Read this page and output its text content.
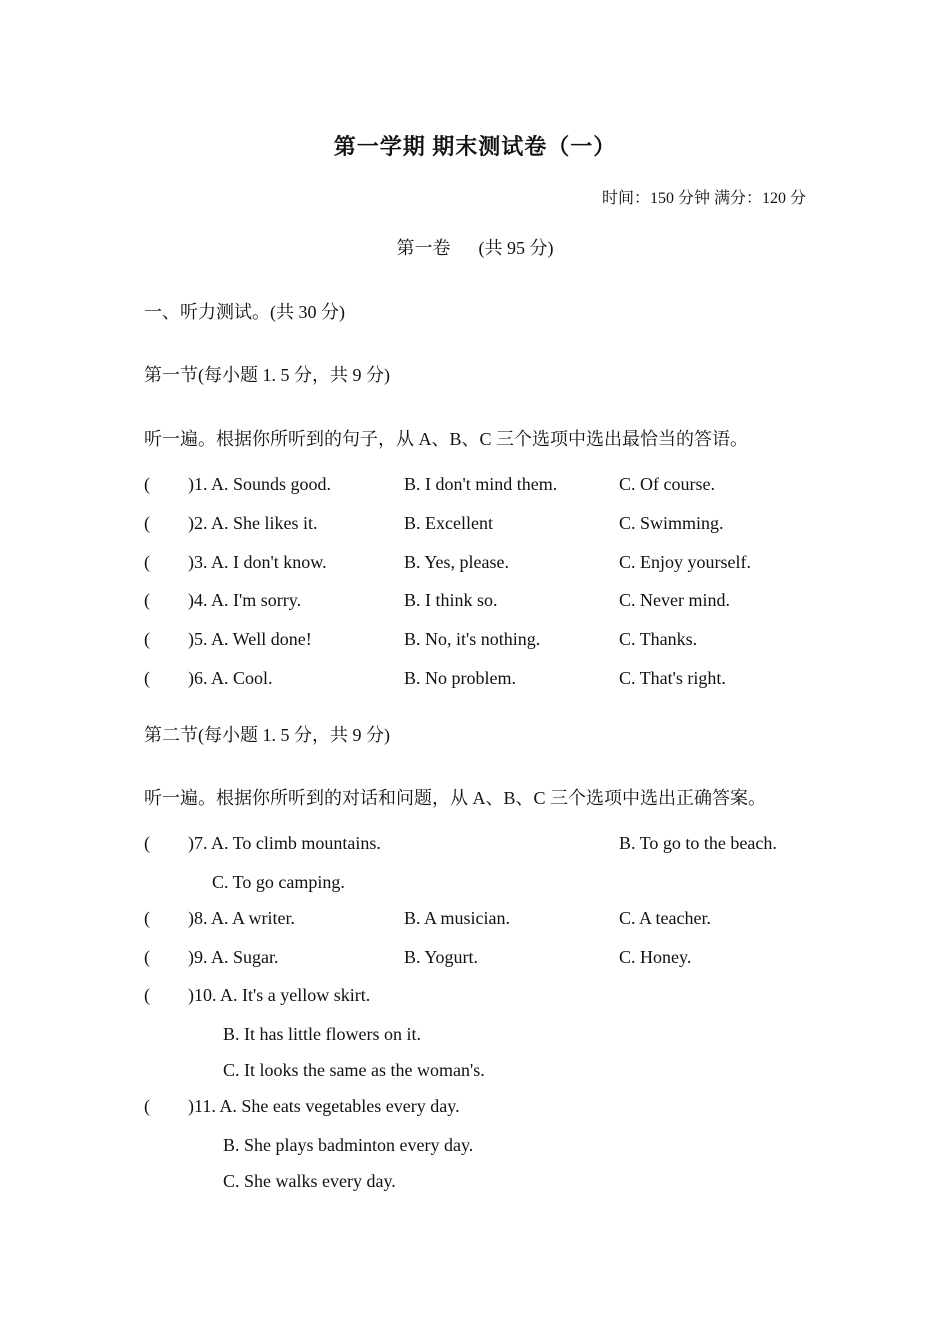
第一学期 期末测试卷（一）
时间：150 分钟 满分：120 分
第一卷 (共 95 分)
一、听力测试。(共 30 分)
第一节(每小题 1. 5 分，共 9 分)
听一遍。根据你所听到的句子，从 A、B、C 三个选项中选出最恰当的答语。
( )1. A. Sounds good.	B. I don't mind them.	C. Of course.
( )2. A. She likes it.	B. Excellent	C. Swimming.
( )3. A. I don't know.	B. Yes, please.	C. Enjoy yourself.
( )4. A. I'm sorry.	B. I think so.	C. Never mind.
( )5. A. Well done!	B. No, it's nothing.	C. Thanks.
( )6. A. Cool.	B. No problem.	C. That's right.
第二节(每小题 1. 5 分，共 9 分)
听一遍。根据你所听到的对话和问题，从 A、B、C 三个选项中选出正确答案。
( )7. A. To climb mountains.	B. To go to the beach.
C. To go camping.
( )8. A. A writer.	B. A musician.	C. A teacher.
( )9. A. Sugar.	B. Yogurt.	C. Honey.
( )10. A. It's a yellow skirt.
B. It has little flowers on it.
C. It looks the same as the woman's.
( )11. A. She eats vegetables every day.
B. She plays badminton every day.
C. She walks every day.
